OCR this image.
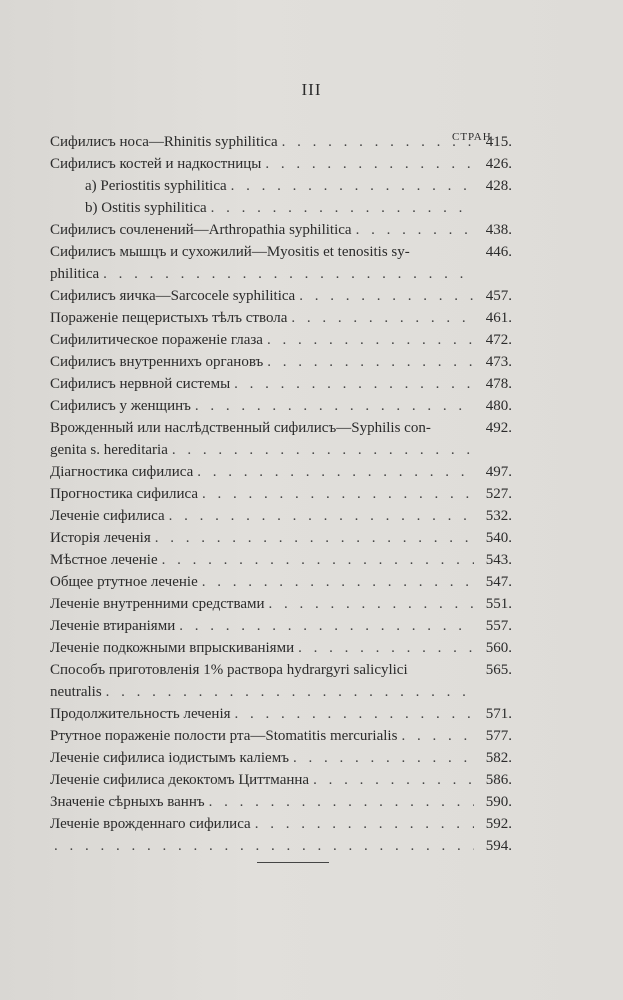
III
СТРАН.
Сифилисъ носа—Rhinitis syphilitica . . .	415.
Сифилисъ костей и надкостницы . . .	426.
a) Periostitis syphilitica . . .	428.
b) Ostitis syphilitica
. . .
Сифилисъ сочленений—Arthropathia syphilitica . . .	438.
Сифилисъ мышцъ и сухожилий—Myositis et tenositis sy-	446.
philitica
. . .
Сифилисъ яичка—Sarcocele syphilitica . . .	457.
Пораженiе пещеристыхъ тѣлъ ствола . . .	461.
Сифилитическое пораженiе глаза . . .	472.
Сифилисъ внутреннихъ органовъ . . .	473.
Сифилисъ нервной системы . . .	478.
Сифилисъ у женщинъ . . .	480.
Врожденный или наслѣдственный сифилисъ—Syphilis con-	492.
genita s. hereditaria
. . .
Дiагностика сифилиса . . .	497.
Прогностика сифилиса . . .	527.
Леченiе сифилиса . . .	532.
Исторiя леченiя . . .	540.
Мѣстное леченiе . . .	543.
Общее ртутное леченiе . . .	547.
Леченiе внутренними средствами . . .	551.
Леченiе втиранiями . . .	557.
Леченiе подкожными впрыскиванiями . . .	560.
Способъ приготовленiя 1% раствора hydrargyri salicylici	565.
neutralis
. . .
Продолжительность леченiя . . .	571.
Ртутное пораженiе полости рта—Stomatitis mercurialis . . .	577.
Леченiе сифилиса iодистымъ калiемъ . . .	582.
Леченiе сифилиса декоктомъ Циттманна . . .	586.
Значенiе сѣрныхъ ваннъ . . .	590.
Леченiе врожденнаго сифилиса . . .	592.
. . .
594.
